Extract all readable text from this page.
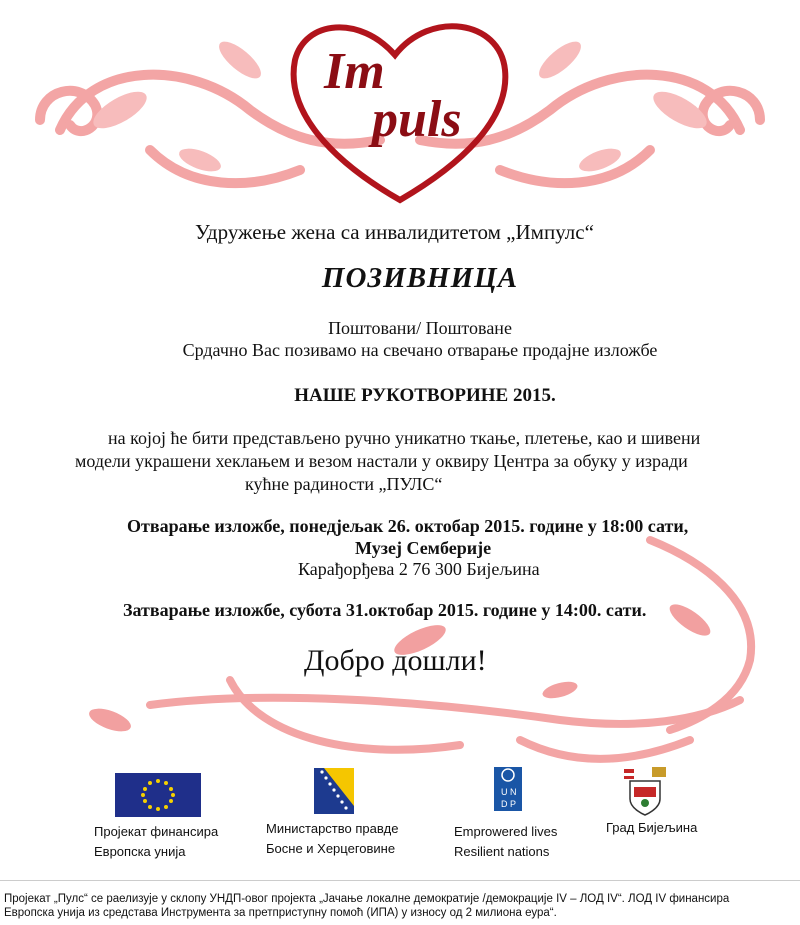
Im
puls
Удружење жена са инвалидитетом „Импулс“
ПОЗИВНИЦА
Поштовани/ Поштоване
Срдачно Вас позивамо на свечано отварање продајне изложбе
НАШЕ РУКОТВОРИНЕ 2015.
на којој ће бити представљено ручно уникатно ткање, плетење, као и шивени
модели украшени хеклањем и везом настали у оквиру Центра за обуку у изради
кућне радиности „ПУЛС“
Отварање изложбе, понедјељак 26. октобар 2015. године у 18:00 сати,
Музеј Семберије
Карађорђева 2 76 300 Бијељина
Затварање изложбе, субота 31.октобар 2015. године у 14:00. сати.
Добро дошли!
U N
D P
Пројекат финансира
Европска унија
Министарство правде
Босне и Херцеговине
Emprowered lives
Resilient nations
Град Бијељина
Пројекат „Пулс“ се раелизује у склопу УНДП-овог пројекта „Јачање локалне демократије /демокрације IV – ЛОД IV“. ЛОД IV финансира
Европска унија из средстава Инструмента за претприступну помоћ (ИПА) у износу од 2 милиона еура“.
